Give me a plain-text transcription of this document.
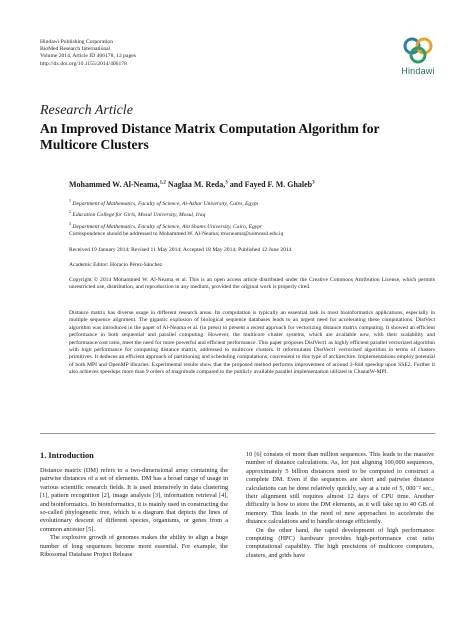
Hindawi Publishing Corporation
BioMed Research International
Volume 2014, Article ID 406178, 12 pages
http://dx.doi.org/10.1155/2014/406178
Hindawi
Research Article
An Improved Distance Matrix Computation Algorithm for Multicore Clusters
Mohammed W. Al-Neama,$^{1,2}$ Naglaa M. Reda,$^3$ and Fayed F. M. Ghaleb$^3$
$^1$ Department of Mathematics, Faculty of Science, Al-Azhar University, Cairo, Egypt
$^2$ Education College for Girls, Mosul University, Mosul, Iraq
$^3$ Department of Mathematics, Faculty of Science, Ain Shams University, Cairo, Egypt
Correspondence should be addressed to Mohammed W. Al-Neama; mwneama@uomosul.edu.iq
Received 19 January 2014; Revised 11 May 2014; Accepted 18 May 2014; Published 12 June 2014
Academic Editor: Horacio Pérez-Sánchez
Copyright © 2014 Mohammed W. Al-Neama et al. This is an open access article distributed under the Creative Commons Attribution License, which permits unrestricted use, distribution, and reproduction in any medium, provided the original work is properly cited.
Distance matrix has diverse usage in different research areas. Its computation is typically an essential task in most bioinformatics applications, especially in multiple sequence alignment. The gigantic explosion of biological sequence databases leads to an urgent need for accelerating these computations. DistVect algorithm was introduced in the paper of Al-Neama et al. (in press) to present a recent approach for vectorizing distance matrix computing. It showed an efficient performance in both sequential and parallel computing. However, the multicore cluster systems, which are available now, with their scalability and performance/cost ratio, meet the need for more powerful and efficient performance. This paper proposes DistVect1 as highly efficient parallel vectorized algorithm with high performance for computing distance matrix, addressed to multicore clusters. It reformulates DistVect1 vectorized algorithm in terms of clusters primitives. It deduces an efficient approach of partitioning and scheduling computations, convenient to this type of architecture. Implementations employ potential of both MPI and OpenMP libraries. Experimental results show that the proposed method performs improvement of around 3-fold speedup upon SSE2. Further it also achieves speedups more than 9 orders of magnitude compared to the publicly available parallel implementation utilized in ClustalW-MPI.
1. Introduction

Distance matrix (DM) refers to a two-dimensional array containing the pairwise distances of a set of elements. DM has a broad range of usage in various scientific research fields. It is used intensively in data clustering [1], pattern recognition [2], image analysis [3], information retrieval [4], and bioinformatics. In bioinformatics, it is mainly used in constructing the so-called phylogenetic tree, which is a diagram that depicts the lines of evolutionary descent of different species, organisms, or genes from a common ancestor [5].

The explosive growth of genomes makes the ability to align a huge number of long sequences become more essential. For example, the Ribosomal Database Project Release

10 [6] consists of more than million sequences. This leads to the massive number of distance calculations. As, for just aligning 100,000 sequences, approximately 5 billion distances need to be computed to construct a complete DM. Even if the sequences are short and pairwise distance calculations can be done relatively quickly, say at a rate of 5, 000⁻² sec., their alignment still requires almost 12 days of CPU time. Another difficulty is how to store the DM elements, as it will take up to 40 GB of memory. This leads to the need of new approaches to accelerate the distance calculations and to handle storage efficiently.

On the other hand, the rapid development of high performance computing (HPC) hardware provides high-performance cost ratio computational capability. The high precisions of multicore computers, clusters, and grids have
